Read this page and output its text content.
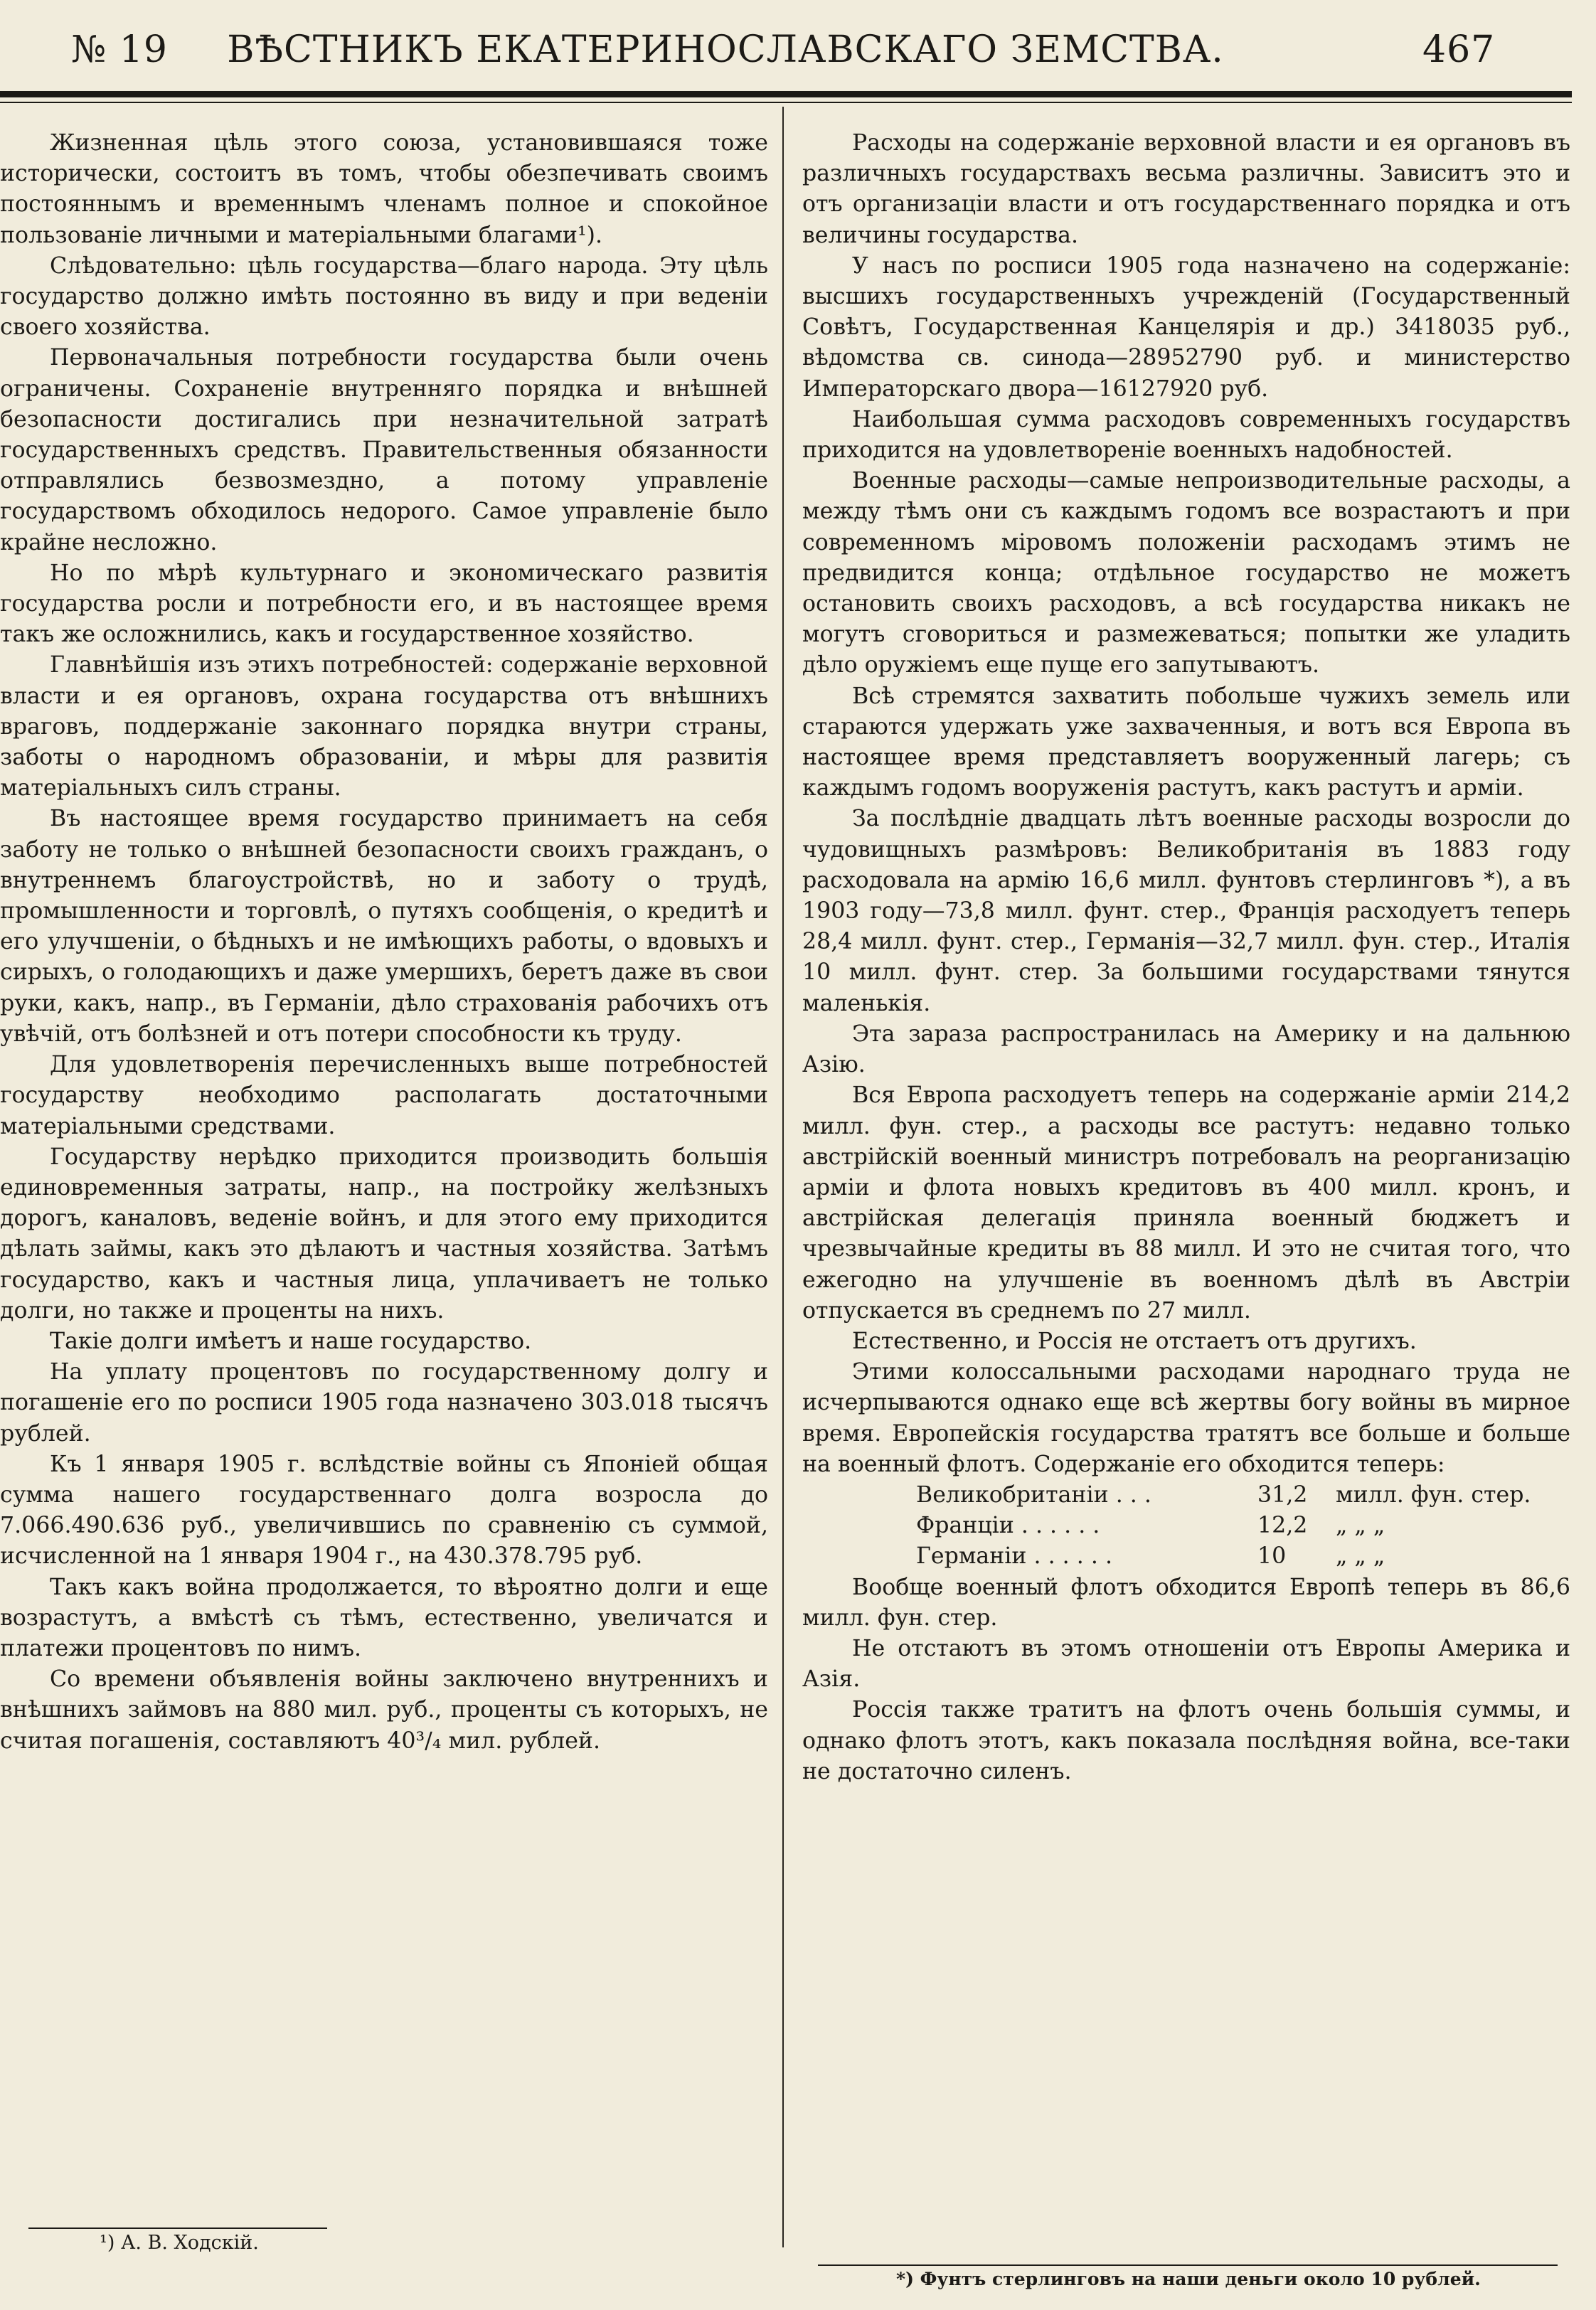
№ 19	ВѢСТНИКЪ ЕКАТЕРИНОСЛАВСКАГО ЗЕМСТВА.	467

Жизненная цѣль этого союза, установившаяся тоже исторически, состоитъ въ томъ, чтобы обезпечивать своимъ постояннымъ и временнымъ членамъ полное и спокойное пользованіе личными и матеріальными благами¹).

Слѣдовательно: цѣль государства—благо народа. Эту цѣль государство должно имѣть постоянно въ виду и при веденіи своего хозяйства.

Первоначальныя потребности государства были очень ограничены. Сохраненіе внутренняго порядка и внѣшней безопасности достигались при незначительной затратѣ государственныхъ средствъ. Правительственныя обязанности отправлялись безвозмездно, а потому управленіе государствомъ обходилось недорого. Самое управленіе было крайне несложно.

Но по мѣрѣ культурнаго и экономическаго развитія государства росли и потребности его, и въ настоящее время такъ же осложнились, какъ и государственное хозяйство.

Главнѣйшія изъ этихъ потребностей: содержаніе верховной власти и ея органовъ, охрана государства отъ внѣшнихъ враговъ, поддержаніе законнаго порядка внутри страны, заботы о народномъ образованіи, и мѣры для развитія матеріальныхъ силъ страны.

Въ настоящее время государство принимаетъ на себя заботу не только о внѣшней безопасности своихъ гражданъ, о внутреннемъ благоустройствѣ, но и заботу о трудѣ, промышленности и торговлѣ, о путяхъ сообщенія, о кредитѣ и его улучшеніи, о бѣдныхъ и не имѣющихъ работы, о вдовыхъ и сирыхъ, о голодающихъ и даже умершихъ, беретъ даже въ свои руки, какъ, напр., въ Германіи, дѣло страхованія рабочихъ отъ увѣчій, отъ болѣзней и отъ потери способности къ труду.

Для удовлетворенія перечисленныхъ выше потребностей государству необходимо располагать достаточными матеріальными средствами.

Государству нерѣдко приходится производить большія единовременныя затраты, напр., на постройку желѣзныхъ дорогъ, каналовъ, веденіе войнъ, и для этого ему приходится дѣлать займы, какъ это дѣлаютъ и частныя хозяйства. Затѣмъ государство, какъ и частныя лица, уплачиваетъ не только долги, но также и проценты на нихъ.

Такіе долги имѣетъ и наше государство.

На уплату процентовъ по государственному долгу и погашеніе его по росписи 1905 года назначено 303.018 тысячъ рублей.

Къ 1 января 1905 г. вслѣдствіе войны съ Японіей общая сумма нашего государственнаго долга возросла до 7.066.490.636 руб., увеличившись по сравненію съ суммой, исчисленной на 1 января 1904 г., на 430.378.795 руб.

Такъ какъ война продолжается, то вѣроятно долги и еще возрастутъ, а вмѣстѣ съ тѣмъ, естественно, увеличатся и платежи процентовъ по нимъ.

Со времени объявленія войны заключено внутреннихъ и внѣшнихъ займовъ на 880 мил. руб., проценты съ которыхъ, не считая погашенія, составляютъ 40³/₄ мил. рублей.

Расходы на содержаніе верховной власти и ея органовъ въ различныхъ государствахъ весьма различны. Зависитъ это и отъ организаціи власти и отъ государственнаго порядка и отъ величины государства.

У насъ по росписи 1905 года назначено на содержаніе: высшихъ государственныхъ учрежденій (Государственный Совѣтъ, Государственная Канцелярія и др.) 3418035 руб., вѣдомства св. синода—28952790 руб. и министерство Императорскаго двора—16127920 руб.

Наибольшая сумма расходовъ современныхъ государствъ приходится на удовлетвореніе военныхъ надобностей.

Военные расходы—самые непроизводительные расходы, а между тѣмъ они съ каждымъ годомъ все возрастаютъ и при современномъ міровомъ положеніи расходамъ этимъ не предвидится конца; отдѣльное государство не можетъ остановить своихъ расходовъ, а всѣ государства никакъ не могутъ сговориться и размежеваться; попытки же уладить дѣло оружіемъ еще пуще его запутываютъ.

Всѣ стремятся захватить побольше чужихъ земель или стараются удержать уже захваченныя, и вотъ вся Европа въ настоящее время представляетъ вооруженный лагерь; съ каждымъ годомъ вооруженія растутъ, какъ растутъ и арміи.

За послѣдніе двадцать лѣтъ военные расходы возросли до чудовищныхъ размѣровъ: Великобританія въ 1883 году расходовала на армію 16,6 милл. фунтовъ стерлинговъ *), а въ 1903 году—73,8 милл. фунт. стер., Франція расходуетъ теперь 28,4 милл. фунт. стер., Германія—32,7 милл. фун. стер., Италія 10 милл. фунт. стер. За большими государствами тянутся маленькія.

Эта зараза распространилась на Америку и на дальнюю Азію.

Вся Европа расходуетъ теперь на содержаніе арміи 214,2 милл. фун. стер., а расходы все растутъ: недавно только австрійскій военный министръ потребовалъ на реорганизацію арміи и флота новыхъ кредитовъ въ 400 милл. кронъ, и австрійская делегація приняла военный бюджетъ и чрезвычайные кредиты въ 88 милл. И это не считая того, что ежегодно на улучшеніе въ военномъ дѣлѣ въ Австріи отпускается въ среднемъ по 27 милл.

Естественно, и Россія не отстаетъ отъ другихъ.

Этими колоссальными расходами народнаго труда не исчерпываются однако еще всѣ жертвы богу войны въ мирное время. Европейскія государства тратятъ все больше и больше на военный флотъ. Содержаніе его обходится теперь:

Великобританіи . . .	31,2	милл. фун. стер.
Франціи . . . . . .	12,2	„ „ „
Германіи . . . . . .	10	„ „ „

Вообще военный флотъ обходится Европѣ теперь въ 86,6 милл. фун. стер.

Не отстаютъ въ этомъ отношеніи отъ Европы Америка и Азія.

Россія также тратитъ на флотъ очень большія суммы, и однако флотъ этотъ, какъ показала послѣдняя война, все-таки не достаточно силенъ.

¹) А. В. Ходскій.
*) Фунтъ стерлинговъ на наши деньги около 10 рублей.
